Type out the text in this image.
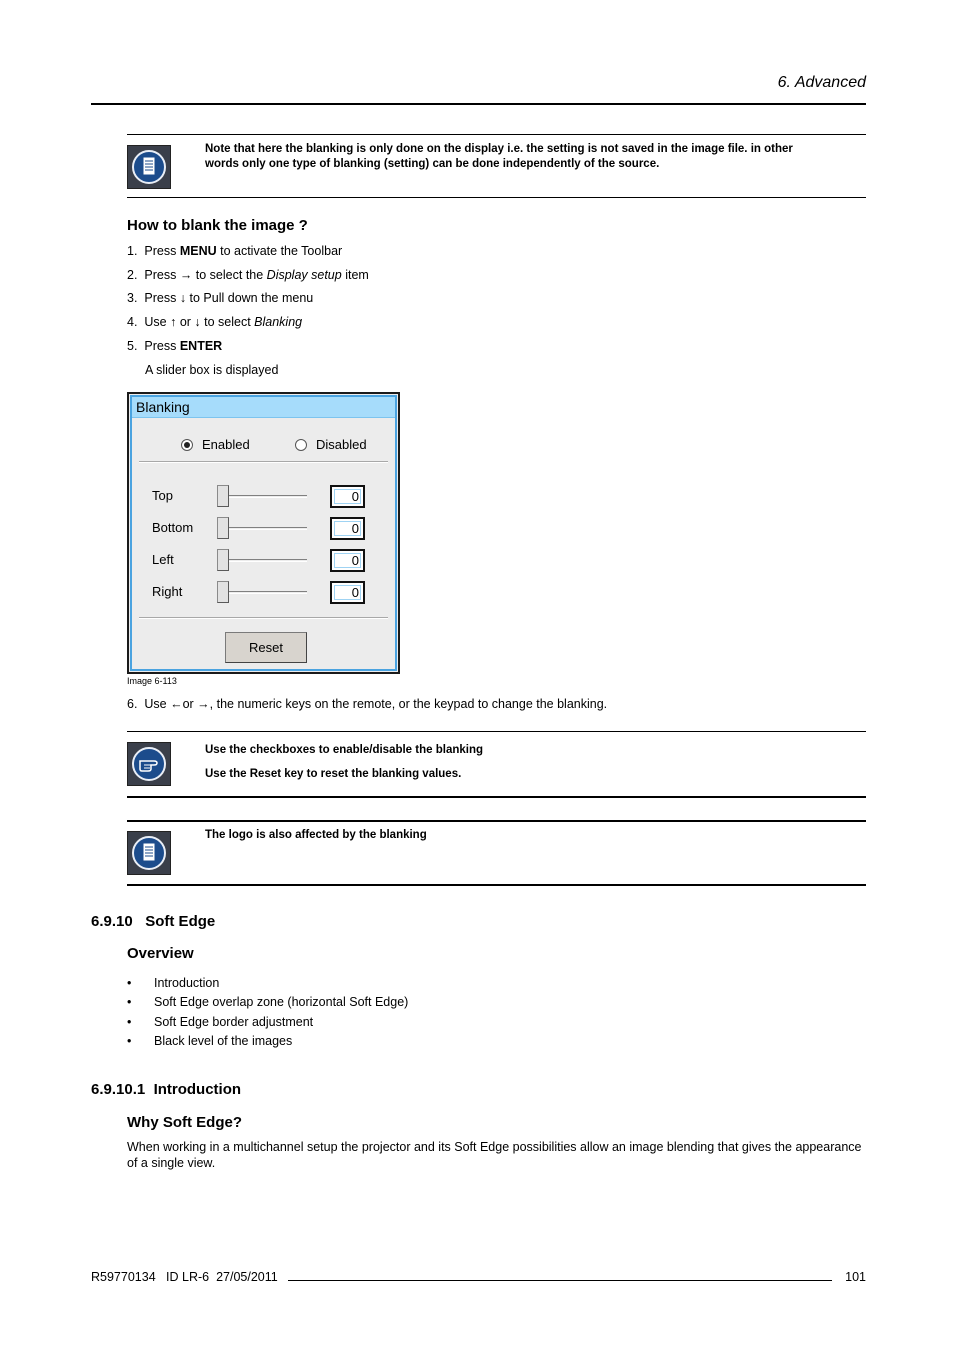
6. Advanced
Note that here the blanking is only done on the display i.e. the setting is not saved in the image file. in other
words only one type of blanking (setting) can be done independently of the source.
How to blank the image ?
1. Press MENU to activate the Toolbar
2. Press → to select the Display setup item
3. Press ↓ to Pull down the menu
4. Use ↑ or ↓ to select Blanking
5. Press ENTER
A slider box is displayed
Blanking
Enabled	Disabled
Top	0
Bottom	0
Left	0
Right	0
Reset
Image 6-113
6. Use ←or →, the numeric keys on the remote, or the keypad to change the blanking.
Use the checkboxes to enable/disable the blanking
Use the Reset key to reset the blanking values.
The logo is also affected by the blanking
6.9.10 Soft Edge
Overview
• Introduction
• Soft Edge overlap zone (horizontal Soft Edge)
• Soft Edge border adjustment
• Black level of the images
6.9.10.1 Introduction
Why Soft Edge?
When working in a multichannel setup the projector and its Soft Edge possibilities allow an image blending that gives the appearance
of a single view.
R59770134   ID LR-6  27/05/2011	101
